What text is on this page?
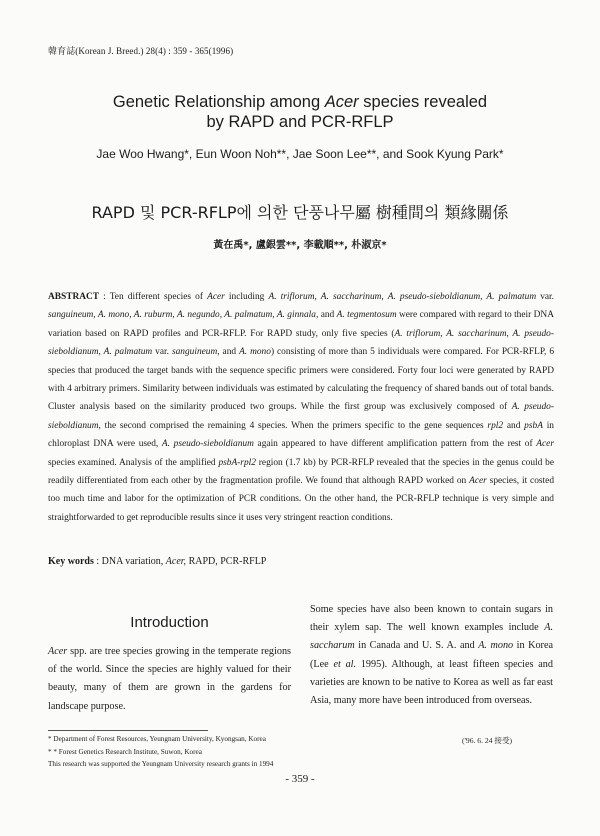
韓育誌(Korean J. Breed.) 28(4) : 359 - 365(1996)
Genetic Relationship among Acer species revealed
by RAPD and PCR-RFLP
Jae Woo Hwang*, Eun Woon Noh**, Jae Soon Lee**, and Sook Kyung Park*
RAPD 및 PCR-RFLP에 의한 단풍나무屬 樹種間의 類緣關係
黃在禹*, 盧銀雲**, 李載順**, 朴淑京*
ABSTRACT : Ten different species of Acer including A. triflorum, A. saccharinum, A. pseudo-sieboldianum, A. palmatum var. sanguineum, A. mono, A. ruburm, A. negundo, A. palmatum, A. ginnala, and A. tegmentosum were compared with regard to their DNA variation based on RAPD profiles and PCR-RFLP. For RAPD study, only five species (A. triflorum, A. saccharinum, A. pseudo-sieboldianum, A. palmatum var. sanguineum, and A. mono) consisting of more than 5 individuals were compared. For PCR-RFLP, 6 species that produced the target bands with the sequence specific primers were considered. Forty four loci were generated by RAPD with 4 arbitrary primers. Similarity between individuals was estimated by calculating the frequency of shared bands out of total bands. Cluster analysis based on the similarity produced two groups. While the first group was exclusively composed of A. pseudo-sieboldianum, the second comprised the remaining 4 species. When the primers specific to the gene sequences rpl2 and psbA in chloroplast DNA were used, A. pseudo-sieboldianum again appeared to have different amplification pattern from the rest of Acer species examined. Analysis of the amplified psbA-rpl2 region (1.7 kb) by PCR-RFLP revealed that the species in the genus could be readily differentiated from each other by the fragmentation profile. We found that although RAPD worked on Acer species, it costed too much time and labor for the optimization of PCR conditions. On the other hand, the PCR-RFLP technique is very simple and straightforwarded to get reproducible results since it uses very stringent reaction conditions.
Key words : DNA variation, Acer, RAPD, PCR-RFLP
Introduction
Acer spp. are tree species growing in the temperate regions of the world. Since the species are highly valued for their beauty, many of them are grown in the gardens for landscape purpose.
Some species have also been known to contain sugars in their xylem sap. The well known examples include A. saccharum in Canada and U. S. A. and A. mono in Korea (Lee et al. 1995). Although, at least fifteen species and varieties are known to be native to Korea as well as far east Asia, many more have been introduced from overseas.
* Department of Forest Resources, Yeungnam University, Kyongsan, Korea
* * Forest Genetics Research Institute, Suwon, Korea
This research was supported the Yeungnam University research grants in 1994
('96. 6. 24 接受)
- 359 -
